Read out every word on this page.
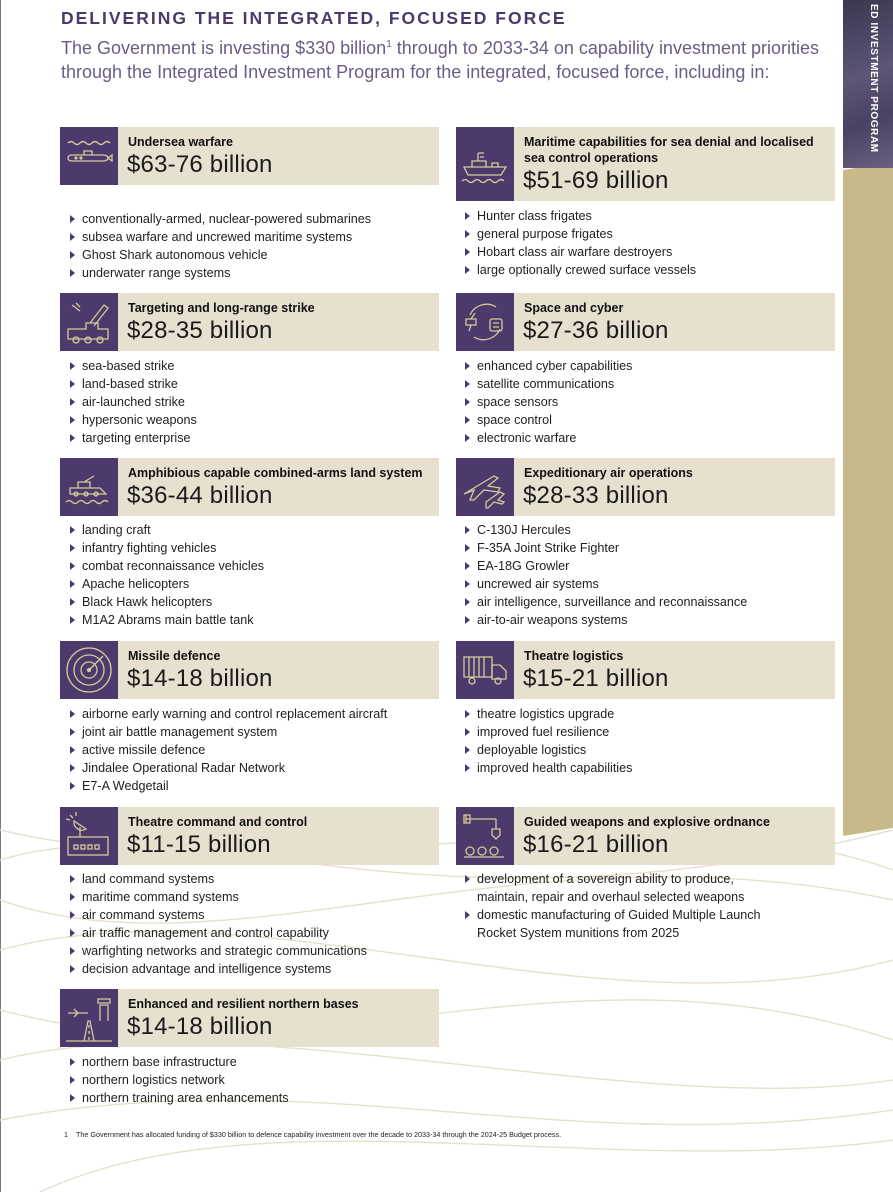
ED INVESTMENT PROGRAM
DELIVERING THE INTEGRATED, FOCUSED FORCE
The Government is investing $330 billion$^1$ through to 2033-34 on capability investment priorities through the Integrated Investment Program for the integrated, focused force, including in:
Undersea warfare
$63-76 billion
conventionally-armed, nuclear-powered submarines
subsea warfare and uncrewed maritime systems
Ghost Shark autonomous vehicle
underwater range systems
Maritime capabilities for sea denial and localised sea control operations
$51-69 billion
Hunter class frigates
general purpose frigates
Hobart class air warfare destroyers
large optionally crewed surface vessels
Targeting and long-range strike
$28-35 billion
sea-based strike
land-based strike
air-launched strike
hypersonic weapons
targeting enterprise
Space and cyber
$27-36 billion
enhanced cyber capabilities
satellite communications
space sensors
space control
electronic warfare
Amphibious capable combined-arms land system
$36-44 billion
landing craft
infantry fighting vehicles
combat reconnaissance vehicles
Apache helicopters
Black Hawk helicopters
M1A2 Abrams main battle tank
Expeditionary air operations
$28-33 billion
C-130J Hercules
F-35A Joint Strike Fighter
EA-18G Growler
uncrewed air systems
air intelligence, surveillance and reconnaissance
air-to-air weapons systems
Missile defence
$14-18 billion
airborne early warning and control replacement aircraft
joint air battle management system
active missile defence
Jindalee Operational Radar Network
E7-A Wedgetail
Theatre logistics
$15-21 billion
theatre logistics upgrade
improved fuel resilience
deployable logistics
improved health capabilities
Theatre command and control
$11-15 billion
land command systems
maritime command systems
air command systems
air traffic management and control capability
warfighting networks and strategic communications
decision advantage and intelligence systems
Guided weapons and explosive ordnance
$16-21 billion
development of a sovereign ability to produce, maintain, repair and overhaul selected weapons
domestic manufacturing of Guided Multiple Launch Rocket System munitions from 2025
Enhanced and resilient northern bases
$14-18 billion
northern base infrastructure
northern logistics network
northern training area enhancements
1 The Government has allocated funding of $330 billion to defence capability investment over the decade to 2033-34 through the 2024-25 Budget process.
